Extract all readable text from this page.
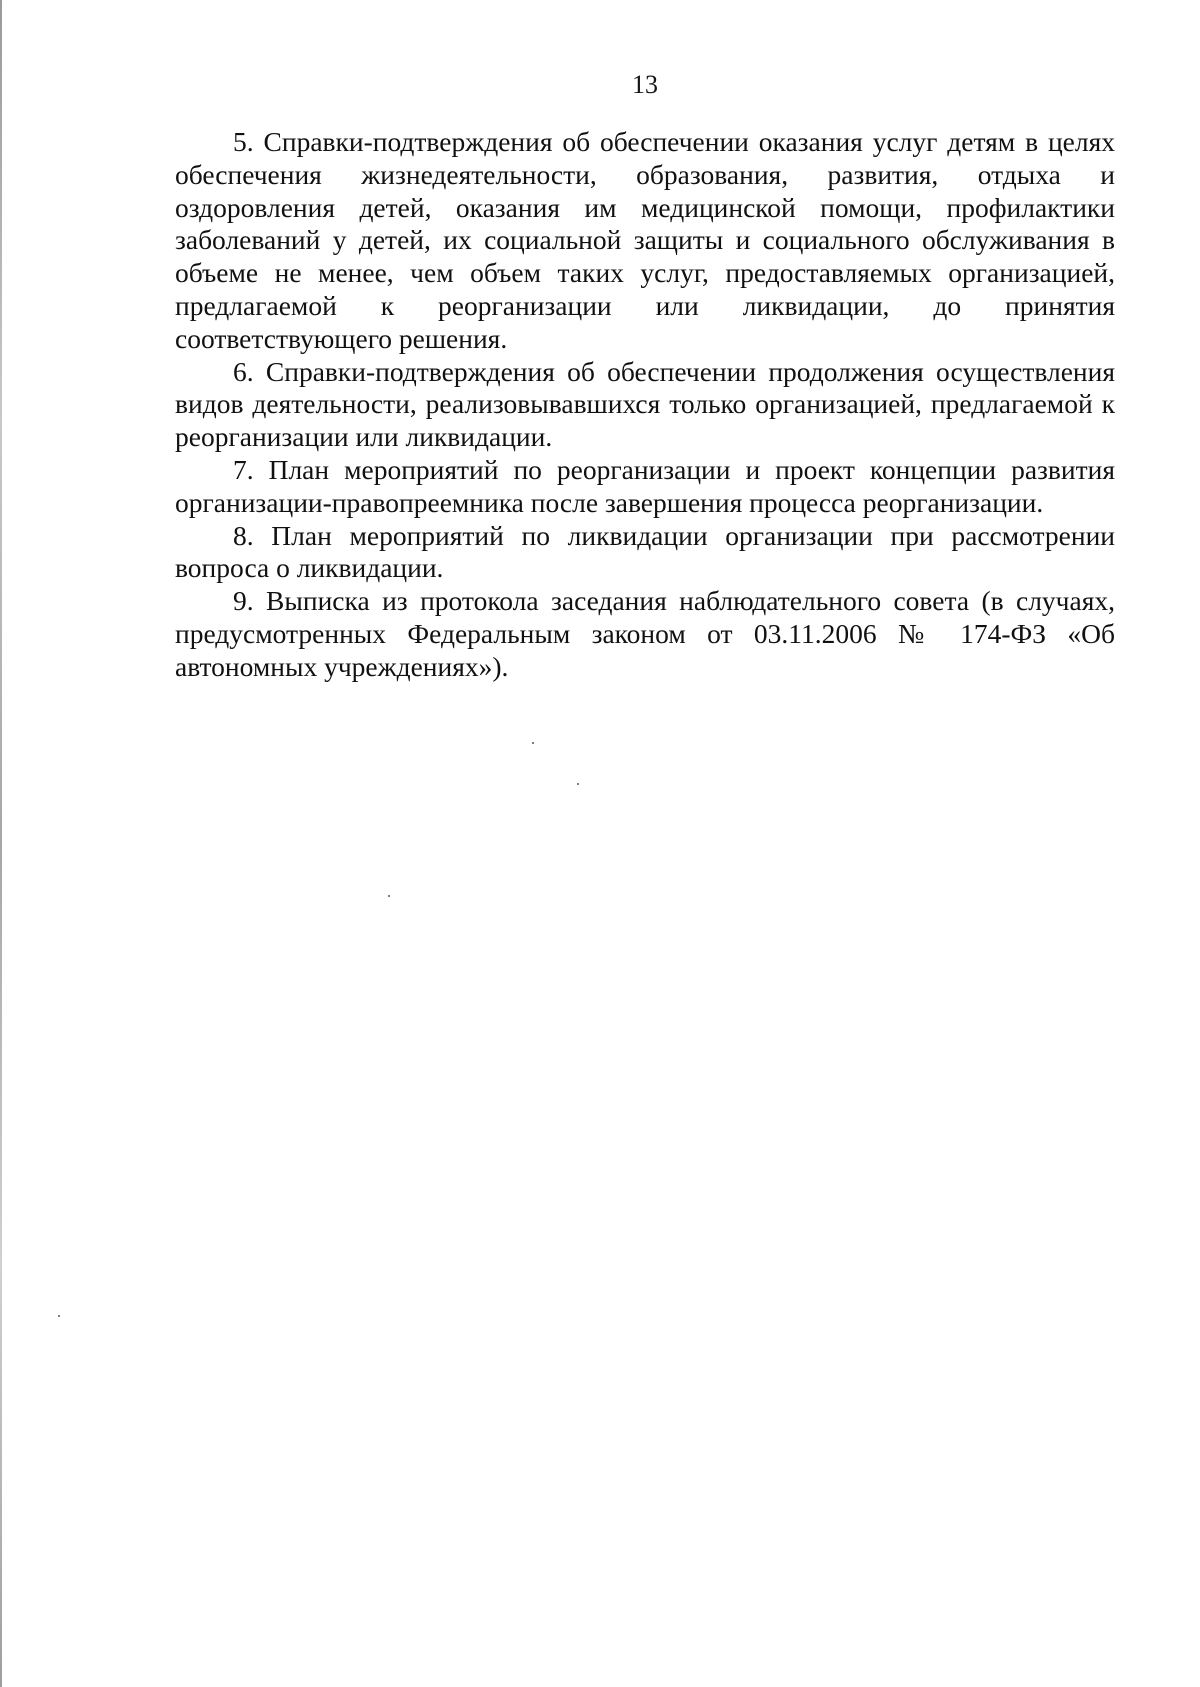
13

5. Справки-подтверждения об обеспечении оказания услуг детям в целях обеспечения жизнедеятельности, образования, развития, отдыха и оздоровления детей, оказания им медицинской помощи, профилактики заболеваний у детей, их социальной защиты и социального обслуживания в объеме не менее, чем объем таких услуг, предоставляемых организацией, предлагаемой к реорганизации или ликвидации, до принятия соответствующего решения.

6. Справки-подтверждения об обеспечении продолжения осуществления видов деятельности, реализовывавшихся только организацией, предлагаемой к реорганизации или ликвидации.

7. План мероприятий по реорганизации и проект концепции развития организации-правопреемника после завершения процесса реорганизации.

8. План мероприятий по ликвидации организации при рассмотрении вопроса о ликвидации.

9. Выписка из протокола заседания наблюдательного совета (в случаях, предусмотренных Федеральным законом от 03.11.2006 № 174-ФЗ «Об автономных учреждениях»).
